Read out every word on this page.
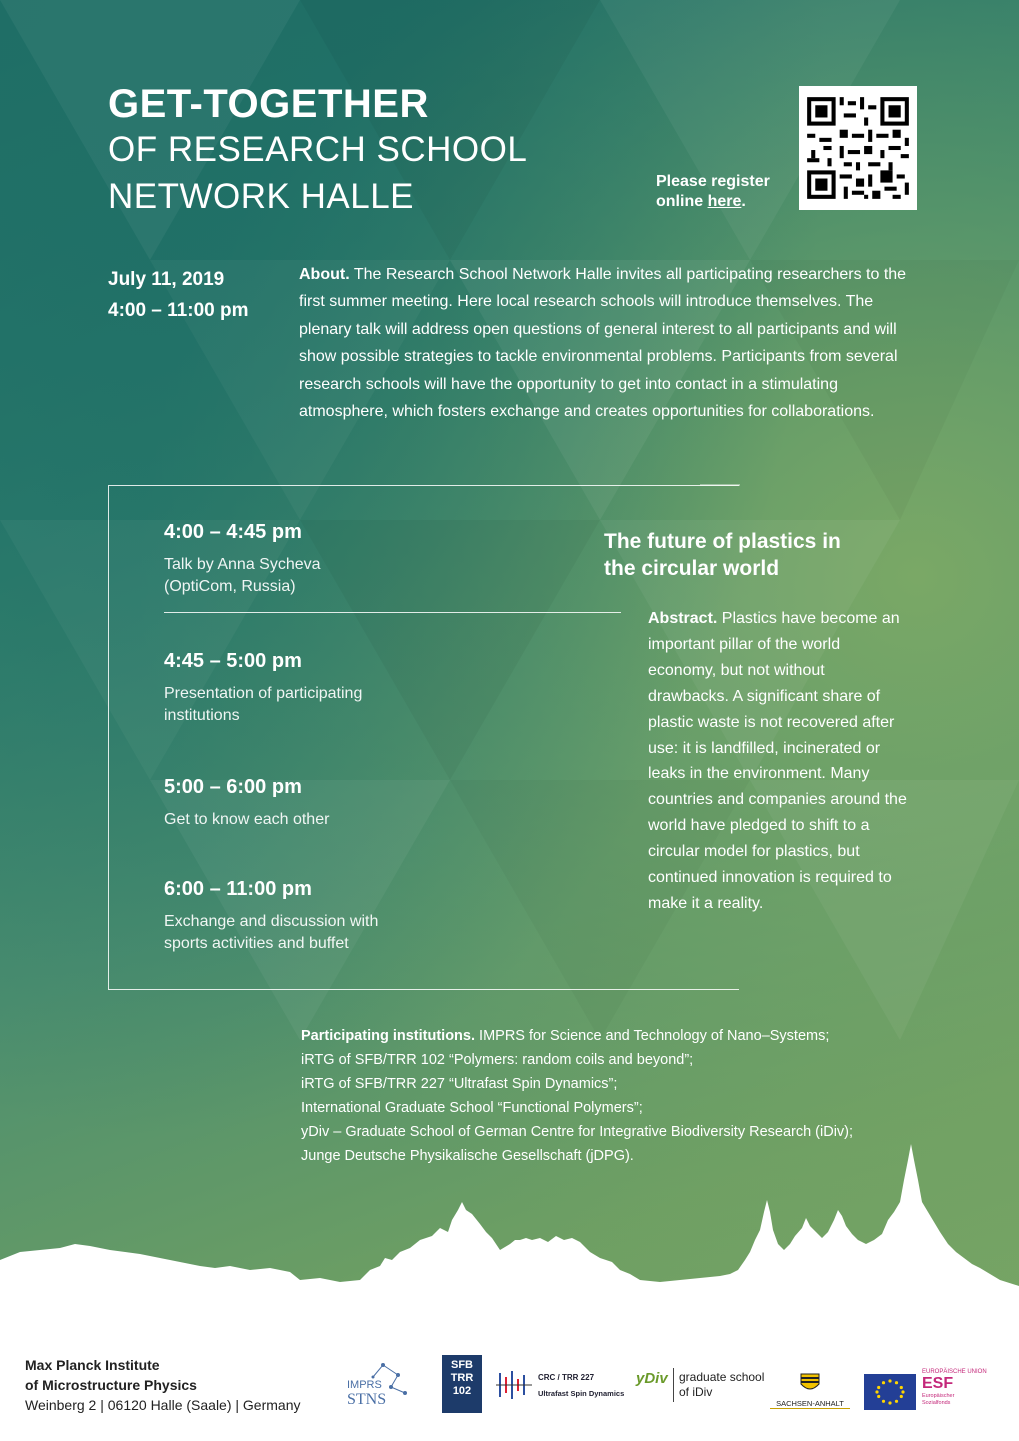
GET-TOGETHER
OF RESEARCH SCHOOL
NETWORK HALLE	Please register
online here.
July 11, 2019
4:00 – 11:00 pm
About. The Research School Network Halle invites all participating researchers to the first summer meeting. Here local research schools will introduce themselves. The plenary talk will address open questions of general interest to all participants and will show possible strategies to tackle environmental problems. Participants from several research schools will have the opportunity to get into contact in a stimulating atmosphere, which fosters exchange and creates opportunities for collaborations.
4:00 – 4:45 pm
Talk by Anna Sycheva
(OptiCom, Russia)
4:45 – 5:00 pm
Presentation of participating
institutions
5:00 – 6:00 pm
Get to know each other
6:00 – 11:00 pm
Exchange and discussion with
sports activities and buffet
The future of plastics in
the circular world
Abstract. Plastics have become an important pillar of the world economy, but not without drawbacks. A significant share of plastic waste is not recovered after use: it is landfilled, incinerated or leaks in the environment. Many countries and companies around the world have pledged to shift to a circular model for plastics, but continued innovation is required to make it a reality.
Participating institutions. IMPRS for Science and Technology of Nano–Systems;
iRTG of SFB/TRR 102 “Polymers: random coils and beyond”;
iRTG of SFB/TRR 227 “Ultrafast Spin Dynamics”;
International Graduate School “Functional Polymers”;
yDiv – Graduate School of German Centre for Integrative Biodiversity Research (iDiv);
Junge Deutsche Physikalische Gesellschaft (jDPG).
Max Planck Institute
of Microstructure Physics
Weinberg 2 | 06120 Halle (Saale) | Germany
IMPRS
STNS
SFB
TRR
102
CRC / TRR 227
Ultrafast Spin Dynamics
yDiv graduate school
of iDiv
SACHSEN-ANHALT
EUROPÄISCHE UNION
ESF
Europäischer
Sozialfonds
